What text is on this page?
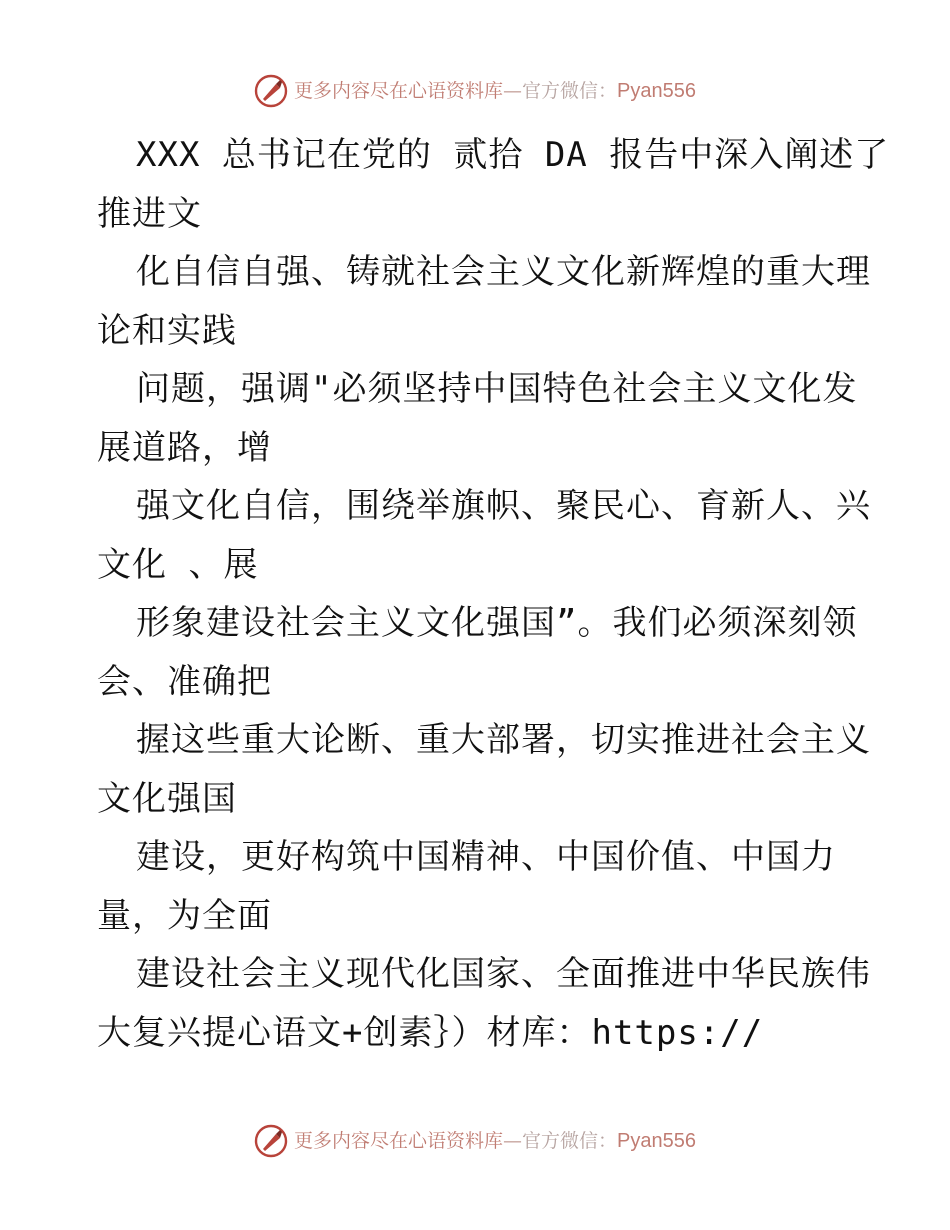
更多内容尽在心语资料库 — 官方微信： Pyan556
XXX 总书记在党的 贰拾 DA 报告中深入阐述了
推进文
化自信自强、铸就社会主义文化新辉煌的重大理
论和实践
问题，强调"必须坚持中国特色社会主义文化发
展道路，增
强文化自信，围绕举旗帜、聚民心、育新人、兴
文化 、展
形象建设社会主义文化强国”。我们必须深刻领
会、准确把
握这些重大论断、重大部署，切实推进社会主义
文化强国
建设，更好构筑中国精神、中国价值、中国力
量，为全面
建设社会主义现代化国家、全面推进中华民族伟
大复兴提心语文+创素｝）材库：https://
更多内容尽在心语资料库 — 官方微信： Pyan556
